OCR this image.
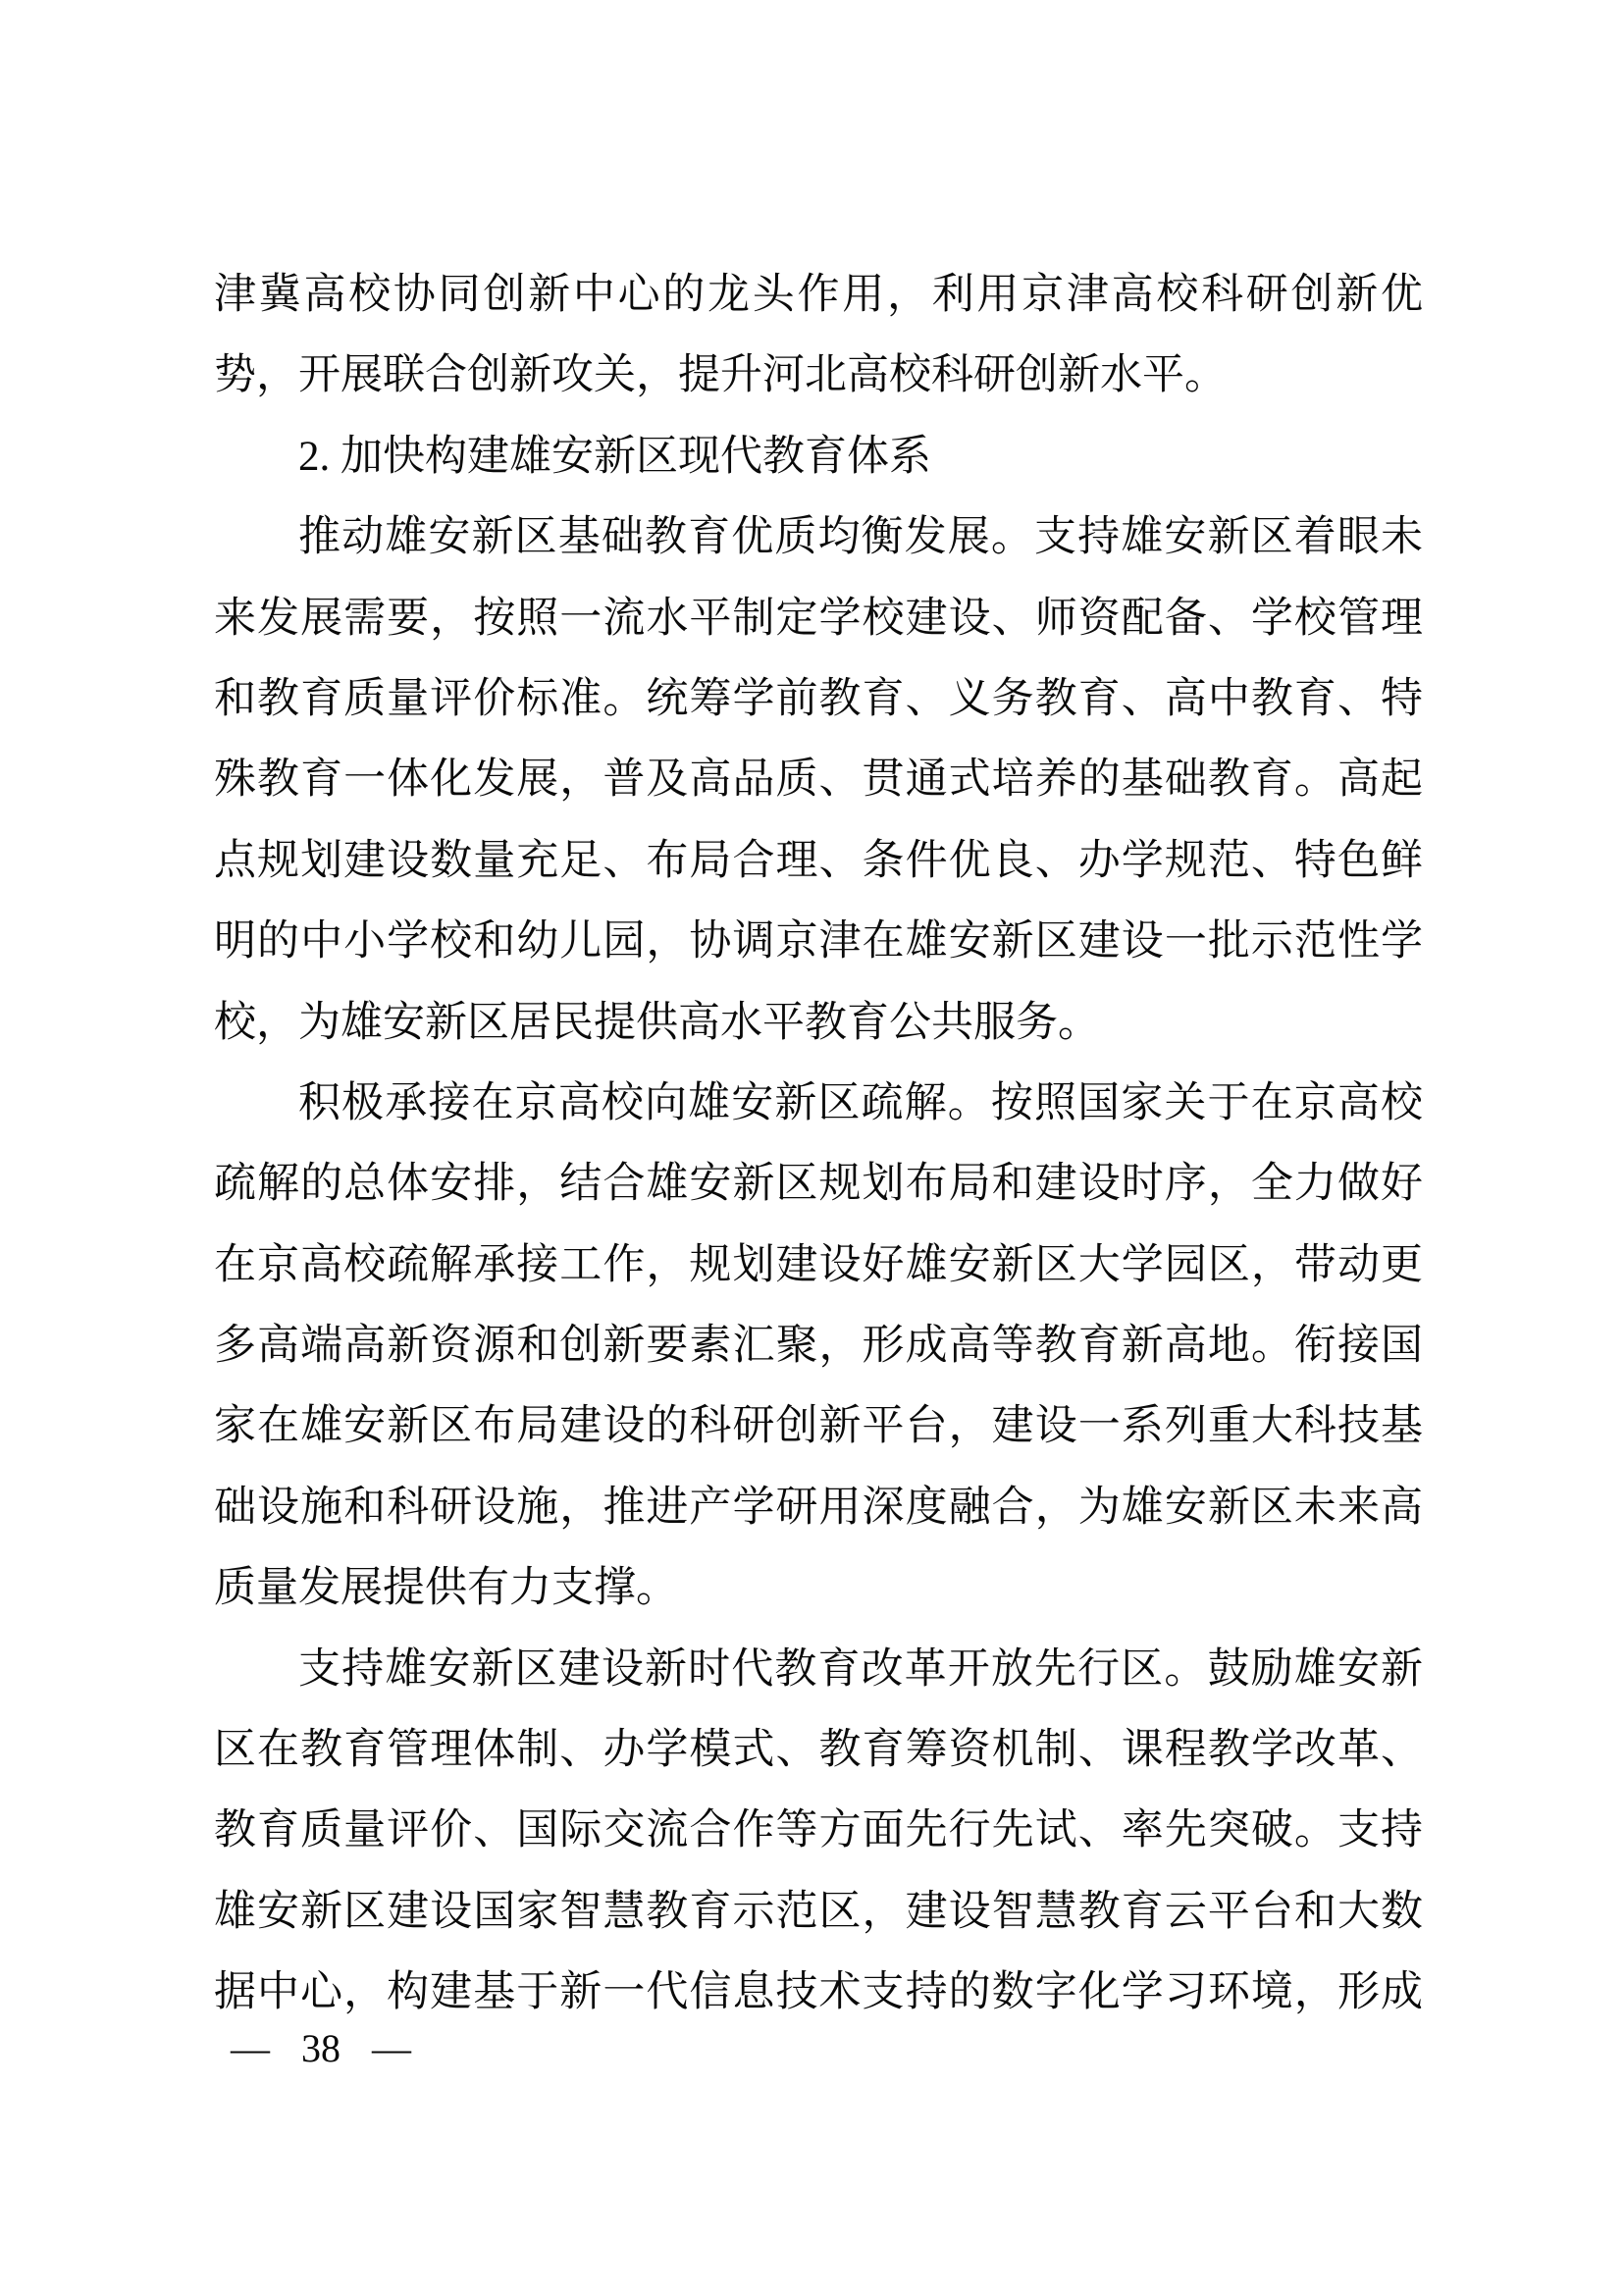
津冀高校协同创新中心的龙头作用，利用京津高校科研创新优
势，开展联合创新攻关，提升河北高校科研创新水平。
2. 加快构建雄安新区现代教育体系
推动雄安新区基础教育优质均衡发展。支持雄安新区着眼未
来发展需要，按照一流水平制定学校建设、师资配备、学校管理
和教育质量评价标准。统筹学前教育、义务教育、高中教育、特
殊教育一体化发展，普及高品质、贯通式培养的基础教育。高起
点规划建设数量充足、布局合理、条件优良、办学规范、特色鲜
明的中小学校和幼儿园，协调京津在雄安新区建设一批示范性学
校，为雄安新区居民提供高水平教育公共服务。
积极承接在京高校向雄安新区疏解。按照国家关于在京高校
疏解的总体安排，结合雄安新区规划布局和建设时序，全力做好
在京高校疏解承接工作，规划建设好雄安新区大学园区，带动更
多高端高新资源和创新要素汇聚，形成高等教育新高地。衔接国
家在雄安新区布局建设的科研创新平台，建设一系列重大科技基
础设施和科研设施，推进产学研用深度融合，为雄安新区未来高
质量发展提供有力支撑。
支持雄安新区建设新时代教育改革开放先行区。鼓励雄安新
区在教育管理体制、办学模式、教育筹资机制、课程教学改革、
教育质量评价、国际交流合作等方面先行先试、率先突破。支持
雄安新区建设国家智慧教育示范区，建设智慧教育云平台和大数
据中心，构建基于新一代信息技术支持的数字化学习环境，形成
— 38 —
